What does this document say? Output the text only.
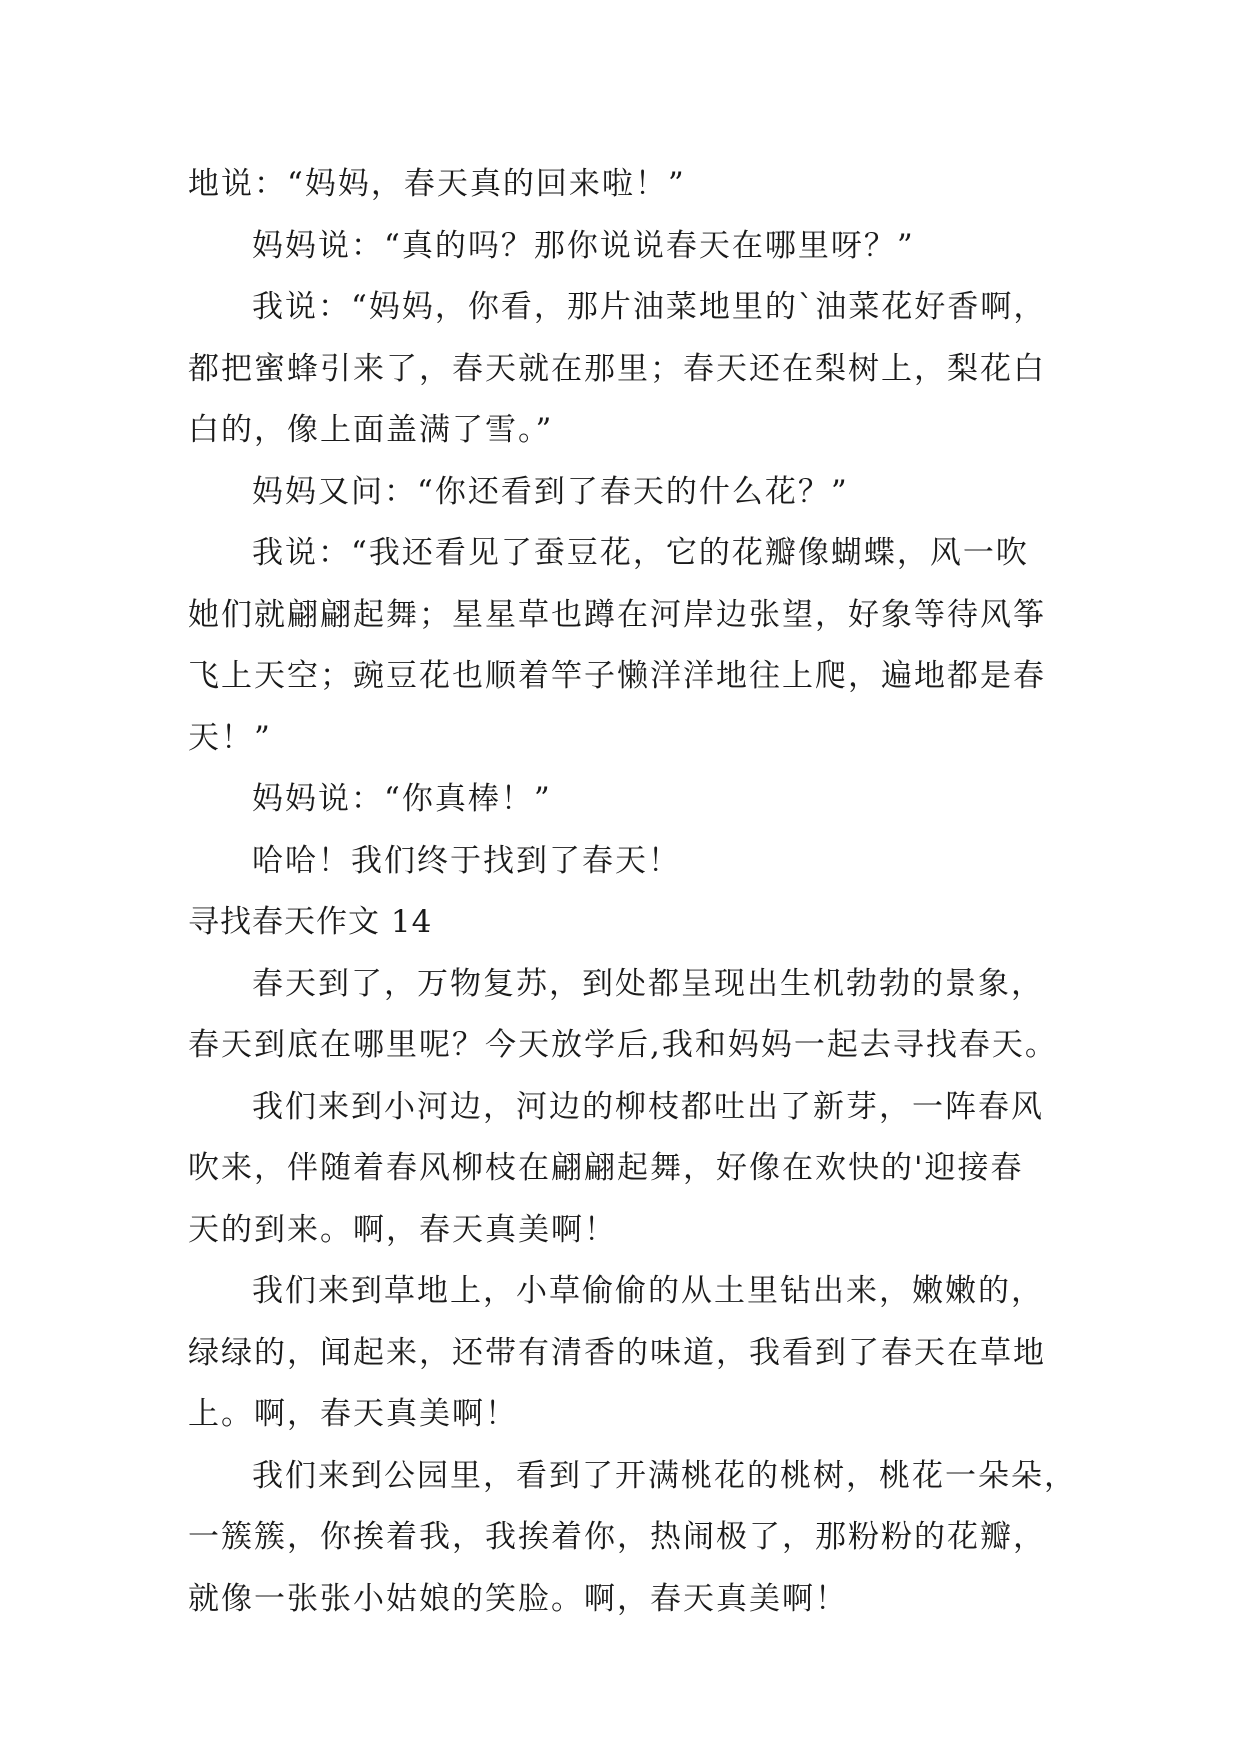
地说：“妈妈，春天真的回来啦！”
妈妈说：“真的吗？那你说说春天在哪里呀？”
我说：“妈妈，你看，那片油菜地里的`油菜花好香啊，
都把蜜蜂引来了，春天就在那里；春天还在梨树上，梨花白
白的，像上面盖满了雪。”
妈妈又问：“你还看到了春天的什么花？”
我说：“我还看见了蚕豆花，它的花瓣像蝴蝶，风一吹
她们就翩翩起舞；星星草也蹲在河岸边张望，好象等待风筝
飞上天空；豌豆花也顺着竿子懒洋洋地往上爬，遍地都是春
天！”
妈妈说：“你真棒！”
哈哈！我们终于找到了春天！
寻找春天作文 14
春天到了，万物复苏，到处都呈现出生机勃勃的景象，
春天到底在哪里呢？今天放学后,我和妈妈一起去寻找春天。
我们来到小河边，河边的柳枝都吐出了新芽，一阵春风
吹来，伴随着春风柳枝在翩翩起舞，好像在欢快的'迎接春
天的到来。啊，春天真美啊！
我们来到草地上，小草偷偷的从土里钻出来，嫩嫩的，
绿绿的，闻起来，还带有清香的味道，我看到了春天在草地
上。啊，春天真美啊！
我们来到公园里，看到了开满桃花的桃树，桃花一朵朵，
一簇簇，你挨着我，我挨着你，热闹极了，那粉粉的花瓣，
就像一张张小姑娘的笑脸。啊，春天真美啊！
